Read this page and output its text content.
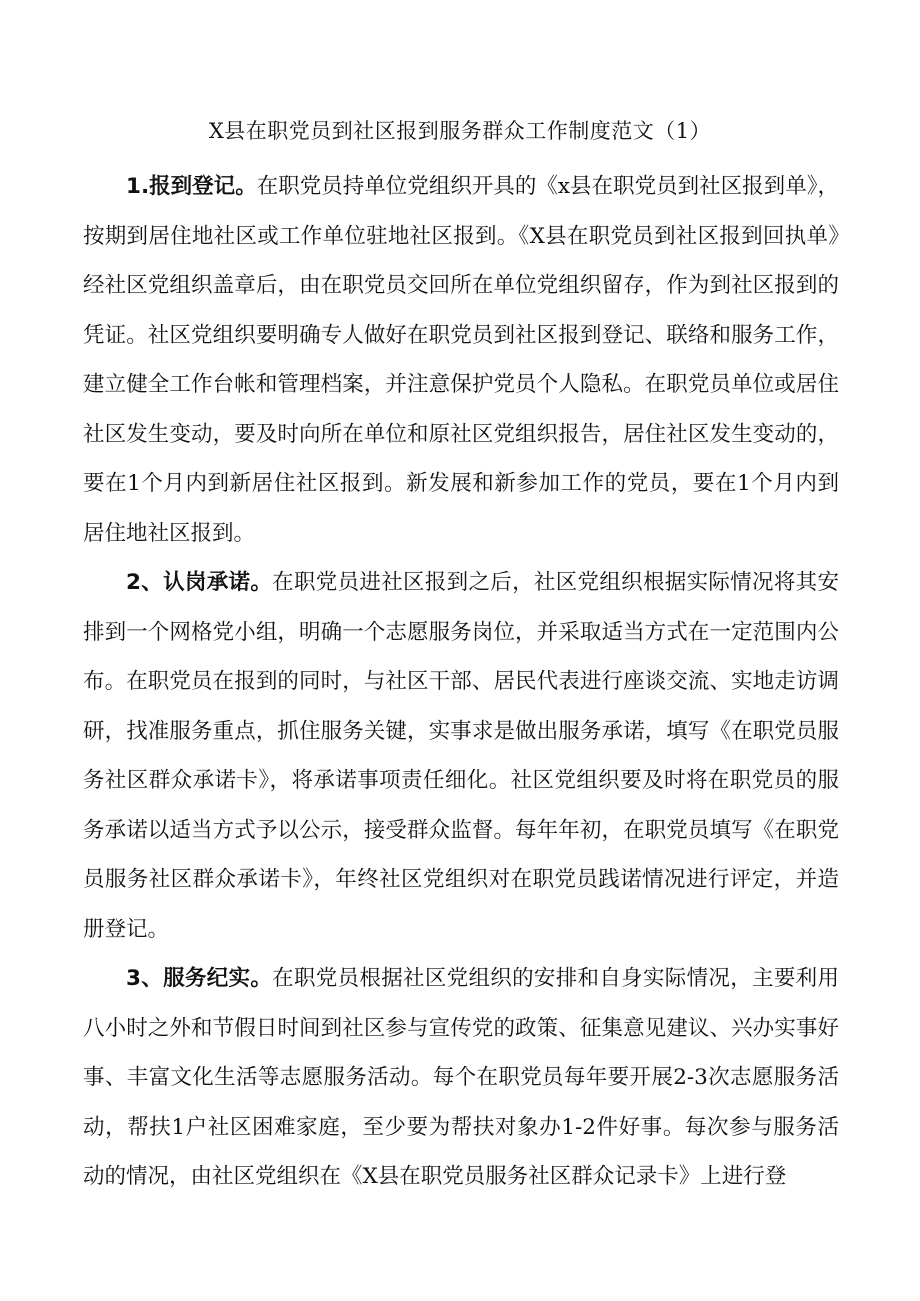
X县在职党员到社区报到服务群众工作制度范文（1）

1.报到登记。在职党员持单位党组织开具的《x县在职党员到社区报到单》，按期到居住地社区或工作单位驻地社区报到。《X县在职党员到社区报到回执单》经社区党组织盖章后，由在职党员交回所在单位党组织留存，作为到社区报到的凭证。社区党组织要明确专人做好在职党员到社区报到登记、联络和服务工作，建立健全工作台帐和管理档案，并注意保护党员个人隐私。在职党员单位或居住社区发生变动，要及时向所在单位和原社区党组织报告，居住社区发生变动的，要在1个月内到新居住社区报到。新发展和新参加工作的党员，要在1个月内到居住地社区报到。

2、认岗承诺。在职党员进社区报到之后，社区党组织根据实际情况将其安排到一个网格党小组，明确一个志愿服务岗位，并采取适当方式在一定范围内公布。在职党员在报到的同时，与社区干部、居民代表进行座谈交流、实地走访调研，找准服务重点，抓住服务关键，实事求是做出服务承诺，填写《在职党员服务社区群众承诺卡》，将承诺事项责任细化。社区党组织要及时将在职党员的服务承诺以适当方式予以公示，接受群众监督。每年年初，在职党员填写《在职党员服务社区群众承诺卡》，年终社区党组织对在职党员践诺情况进行评定，并造册登记。

3、服务纪实。在职党员根据社区党组织的安排和自身实际情况，主要利用八小时之外和节假日时间到社区参与宣传党的政策、征集意见建议、兴办实事好事、丰富文化生活等志愿服务活动。每个在职党员每年要开展2-3次志愿服务活动，帮扶1户社区困难家庭，至少要为帮扶对象办1-2件好事。每次参与服务活动的情况，由社区党组织在《X县在职党员服务社区群众记录卡》上进行登
